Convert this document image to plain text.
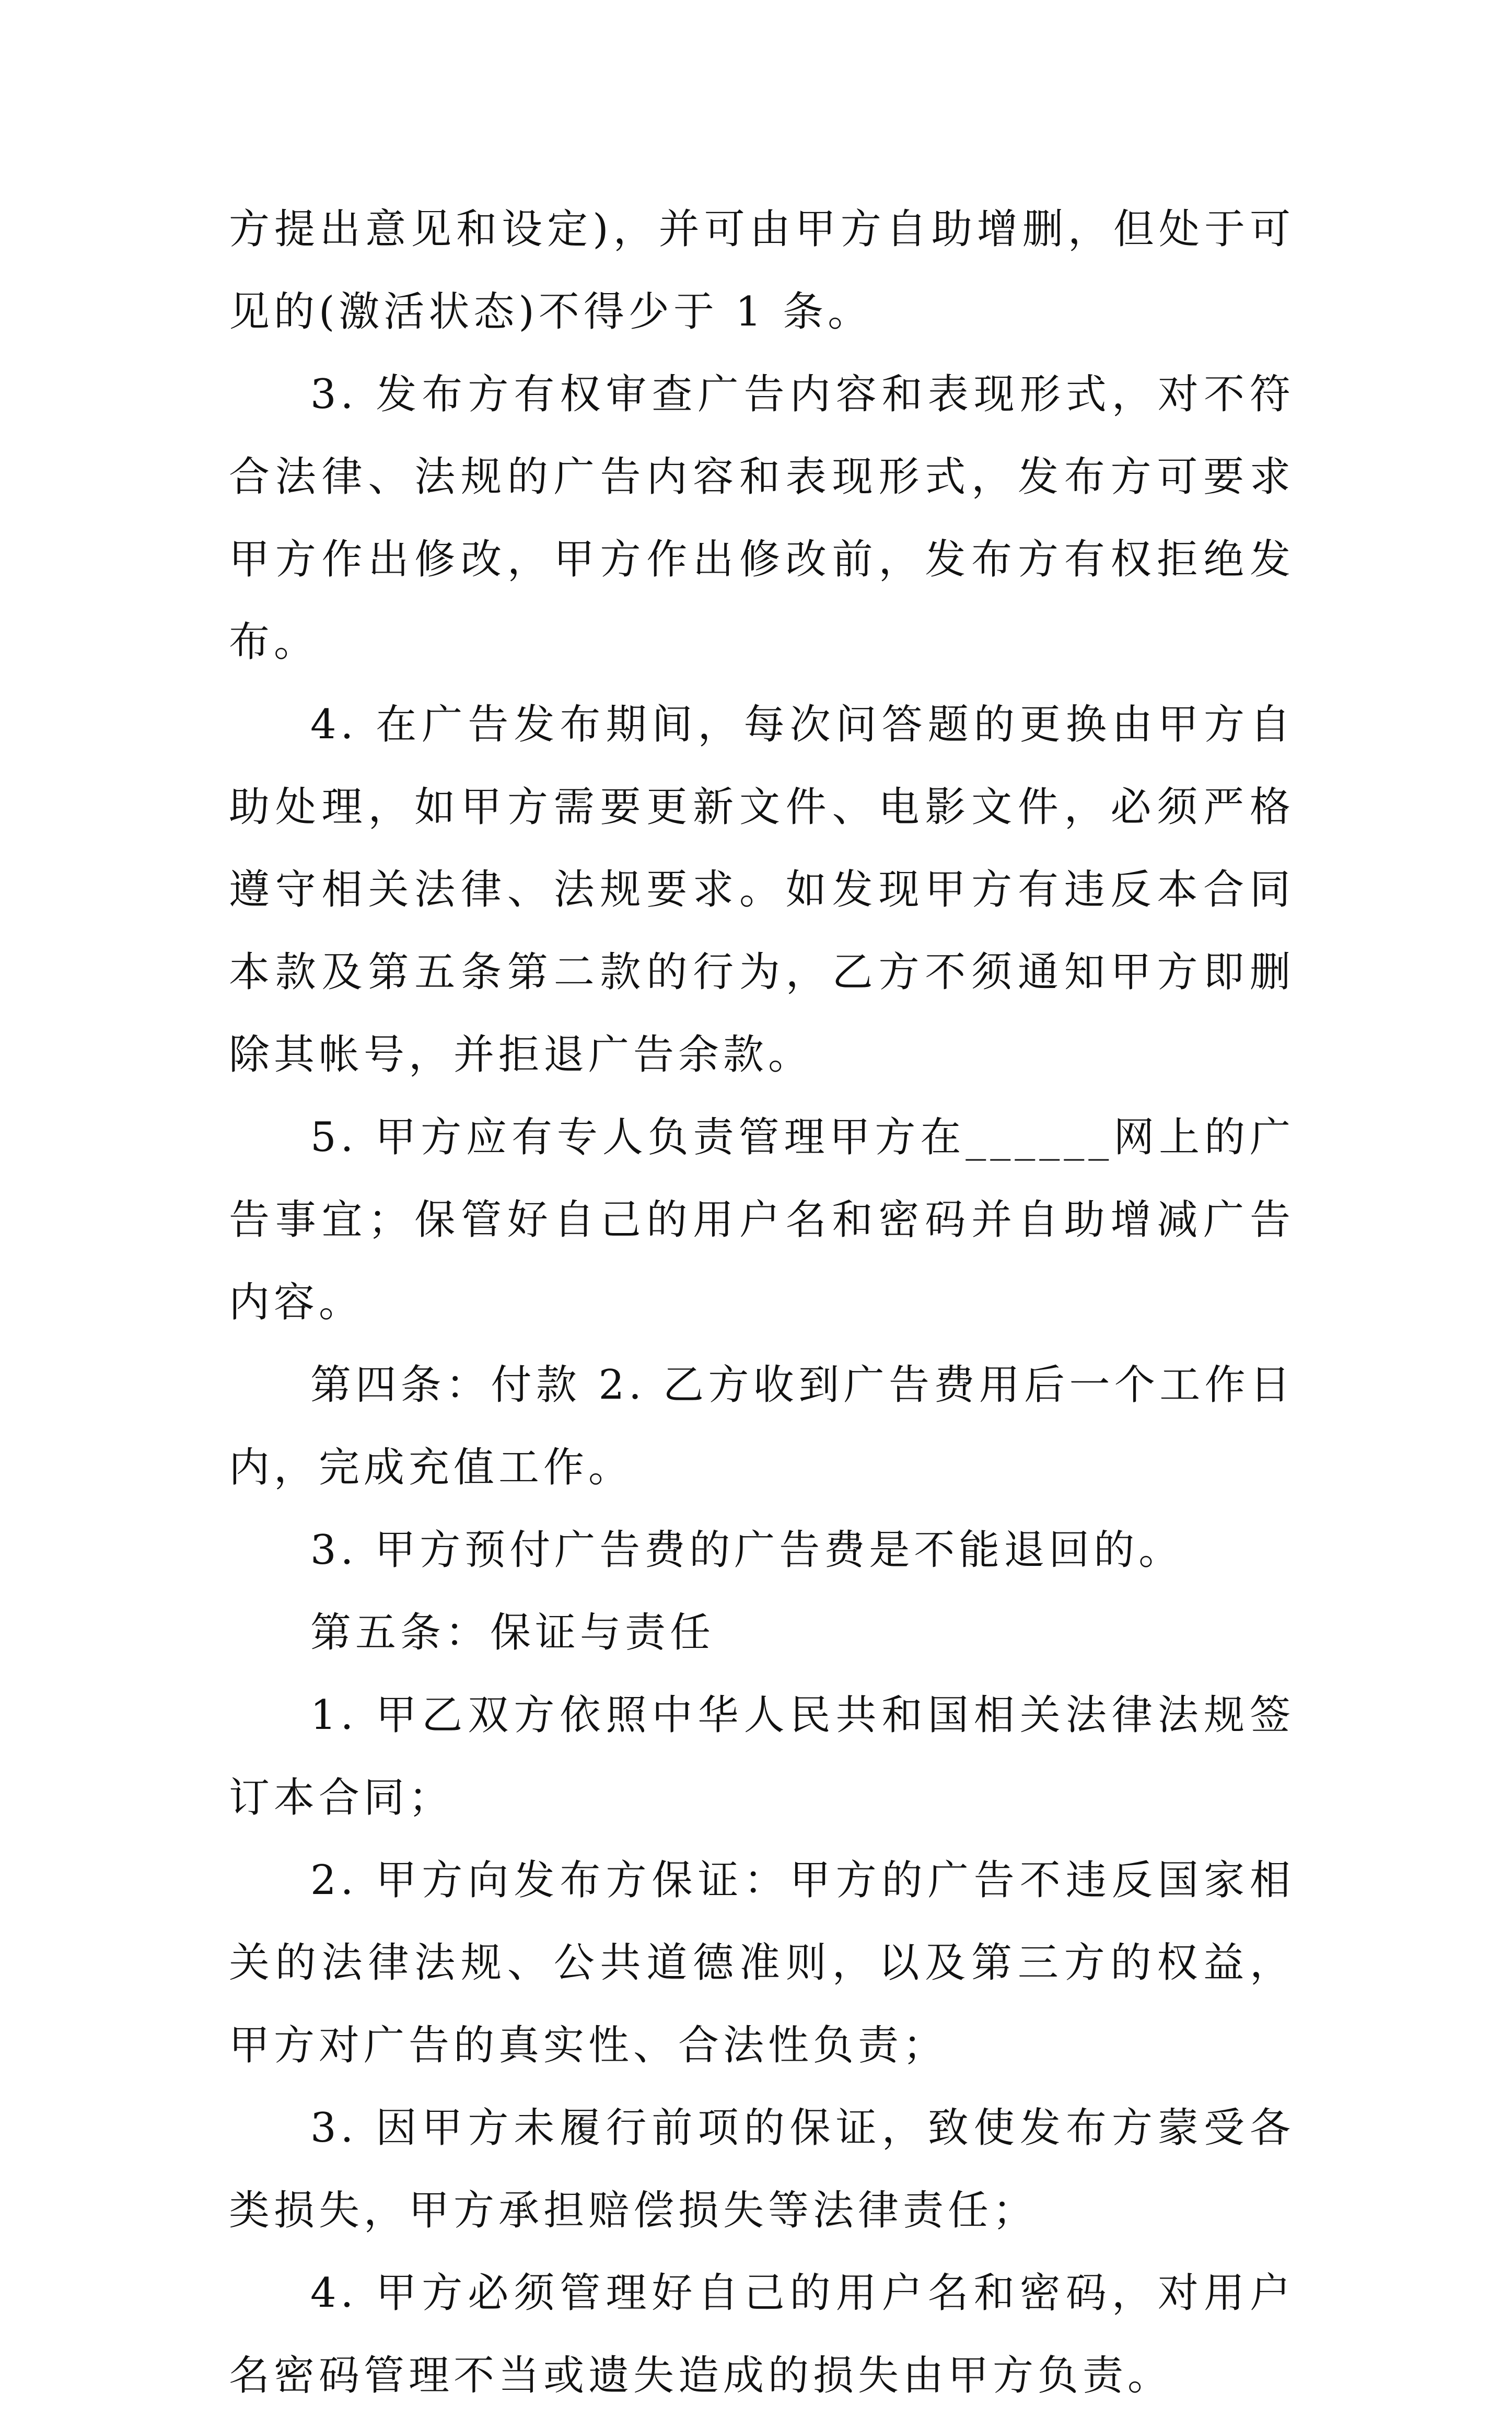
方提出意见和设定)，并可由甲方自助增删，但处于可见的(激活状态)不得少于 1 条。

3. 发布方有权审查广告内容和表现形式，对不符合法律、法规的广告内容和表现形式，发布方可要求甲方作出修改，甲方作出修改前，发布方有权拒绝发布。

4. 在广告发布期间，每次问答题的更换由甲方自助处理，如甲方需要更新文件、电影文件，必须严格遵守相关法律、法规要求。如发现甲方有违反本合同本款及第五条第二款的行为，乙方不须通知甲方即删除其帐号，并拒退广告余款。

5. 甲方应有专人负责管理甲方在______网上的广告事宜；保管好自己的用户名和密码并自助增减广告内容。

第四条：付款 2. 乙方收到广告费用后一个工作日内，完成充值工作。

3. 甲方预付广告费的广告费是不能退回的。

第五条：保证与责任

1. 甲乙双方依照中华人民共和国相关法律法规签订本合同；

2. 甲方向发布方保证：甲方的广告不违反国家相关的法律法规、公共道德准则，以及第三方的权益，甲方对广告的真实性、合法性负责；

3. 因甲方未履行前项的保证，致使发布方蒙受各类损失，甲方承担赔偿损失等法律责任；

4. 甲方必须管理好自己的用户名和密码，对用户名密码管理不当或遗失造成的损失由甲方负责。
